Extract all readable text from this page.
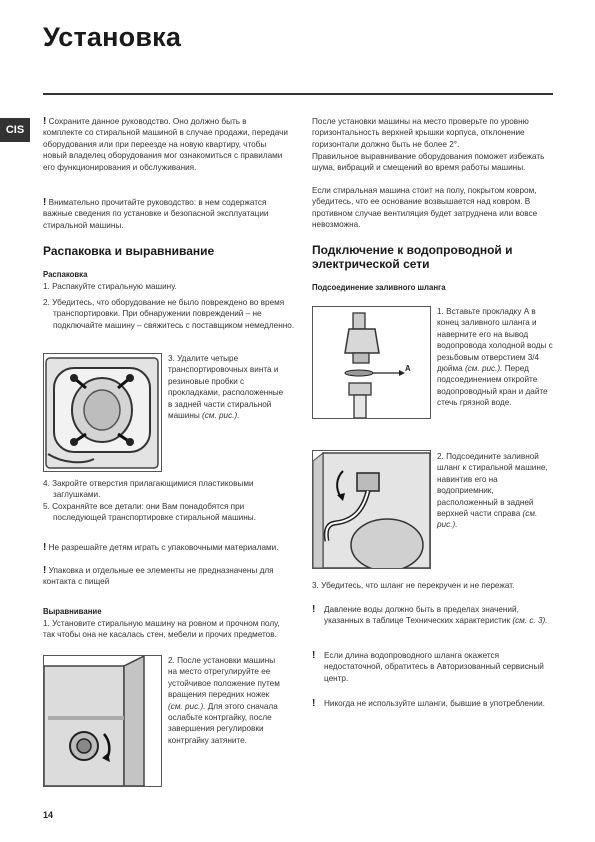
Установка
CIS
! Сохраните данное руководство. Оно должно быть в комплекте со стиральной машиной в случае продажи, передачи оборудования или при переезде на новую квартиру, чтобы новый владелец оборудования мог ознакомиться с правилами его функционирования и обслуживания.
! Внимательно прочитайте руководство: в нем содержатся важные сведения по установке и безопасной эксплуатации стиральной машины.
Распаковка и выравнивание
Распаковка
1. Распакуйте стиральную машину.
2. Убедитесь, что оборудование не было повреждено во время транспортировки. При обнаружении повреждений – не подключайте машину – свяжитесь с поставщиком немедленно.
3. Удалите четыре транспортировочных винта и резиновые пробки с прокладками, расположенные в задней части стиральной машины (см. рис.).
4. Закройте отверстия прилагающимися пластиковыми заглушками.
5. Сохраняйте все детали: они Вам понадобятся при последующей транспортировке стиральной машины.
! Не разрешайте детям играть с упаковочными материалами.
! Упаковка и отдельные ее элементы не предназначены для контакта с пищей
Выравнивание
1. Установите стиральную машину на ровном и прочном полу, так чтобы она не касалась стен, мебели и прочих предметов.
2. После установки машины на место отрегулируйте ее устойчивое положение путем вращения передних ножек (см. рис.). Для этого сначала ослабьте контргайку, после завершения регулировки контргайку затяните.
После установки машины на место проверьте по уровню горизонтальность верхней крышки корпуса, отклонение горизонтали должно быть не более 2°.
Правильное выравнивание оборудования поможет избежать шума, вибраций и смещений во время работы машины.
Если стиральная машина стоит на полу, покрытом ковром, убедитесь, что ее основание возвышается над ковром. В противном случае вентиляция будет затруднена или вовсе невозможна.
Подключение к водопроводной и электрической сети
Подсоединение заливного шланга
A
1. Вставьте прокладку А в конец заливного шланга и наверните его на вывод водопровода холодной воды с резьбовым отверстием 3/4 дюйма (см. рис.). Перед подсоединением откройте водопроводный кран и дайте стечь грязной воде.
2. Подсоедините заливной шланг к стиральной машине, навинтив его на водоприемник, расположенный в задней верхней части справа (см. рис.).
3. Убедитесь, что шланг не перекручен и не пережат.
!	Давление воды должно быть в пределах значений, указанных в таблице Технических характеристик (см. с. 3).
!	Если длина водопроводного шланга окажется недостаточной, обратитесь в Авторизованный сервисный центр.
!	Никогда не используйте шланги, бывшие в употреблении.
14
